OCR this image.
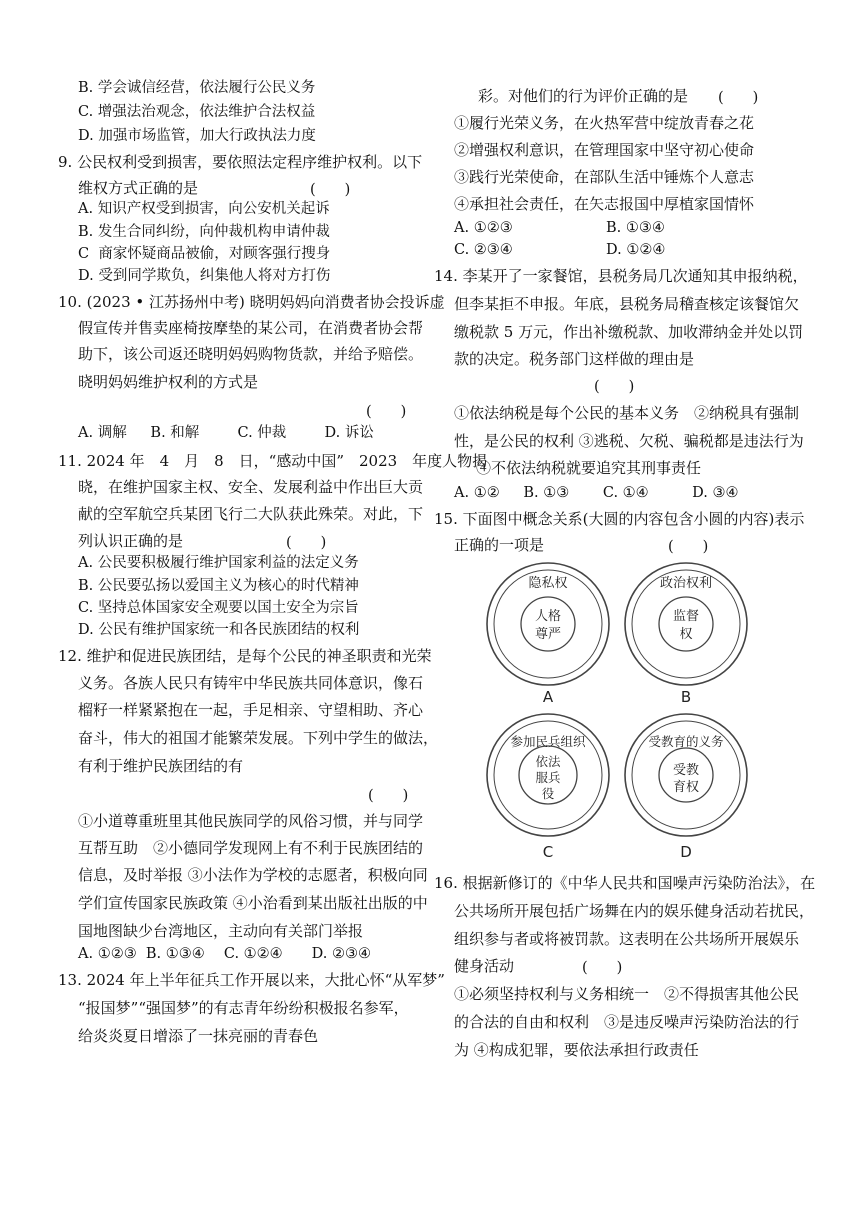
B. 学会诚信经营，依法履行公民义务
C. 增强法治观念，依法维护合法权益
D. 加强市场监管，加大行政执法力度
9. 公民权利受到损害，要依照法定程序维护权利。以下
维权方式正确的是	(　　)
A. 知识产权受到损害，向公安机关起诉
B. 发生合同纠纷，向仲裁机构申请仲裁
C  商家怀疑商品被偷，对顾客强行搜身
D. 受到同学欺负，纠集他人将对方打伤
10. (2023 • 江苏扬州中考) 晓明妈妈向消费者协会投诉虚
假宣传并售卖座椅按摩垫的某公司，在消费者协会帮
助下，该公司返还晓明妈妈购物货款，并给予赔偿。
晓明妈妈维护权利的方式是
(　　)
A. 调解　  B. 和解　　  C. 仲裁　　  D. 诉讼
11. 2024 年　4　月　8　日，“感动中国”　2023　年度人物揭
晓，在维护国家主权、安全、发展利益中作出巨大贡
献的空军航空兵某团飞行二大队获此殊荣。对此，下
列认识正确的是	(　　)
A. 公民要积极履行维护国家利益的法定义务
B. 公民要弘扬以爱国主义为核心的时代精神
C. 坚持总体国家安全观要以国土安全为宗旨
D. 公民有维护国家统一和各民族团结的权利
12. 维护和促进民族团结，是每个公民的神圣职责和光荣
义务。各族人民只有铸牢中华民族共同体意识，像石
榴籽一样紧紧抱在一起，手足相亲、守望相助、齐心
奋斗，伟大的祖国才能繁荣发展。下列中学生的做法，
有利于维护民族团结的有
(　　)
①小道尊重班里其他民族同学的风俗习惯，并与同学
互帮互助　②小德同学发现网上有不利于民族团结的
信息，及时举报 ③小法作为学校的志愿者，积极向同
学们宣传国家民族政策 ④小治看到某出版社出版的中
国地图缺少台湾地区，主动向有关部门举报
A. ①②③  B. ①③④　 C. ①②④　　D. ②③④
13. 2024 年上半年征兵工作开展以来，大批心怀“从军梦”
“报国梦”“强国梦”的有志青年纷纷积极报名参军，
给炎炎夏日增添了一抹亮丽的青春色
彩。对他们的行为评价正确的是 (　　)
①履行光荣义务，在火热军营中绽放青春之花
②增强权利意识，在管理国家中坚守初心使命
③践行光荣使命，在部队生活中锤炼个人意志
④承担社会责任，在矢志报国中厚植家国情怀
A. ①②③	B. ①③④
C. ②③④	D. ①②④
14. 李某开了一家餐馆，县税务局几次通知其申报纳税，
但李某拒不申报。年底，县税务局稽查核定该餐馆欠
缴税款 5 万元，作出补缴税款、加收滞纳金并处以罚
款的决定。税务部门这样做的理由是
(　　)
①依法纳税是每个公民的基本义务　②纳税具有强制
性，是公民的权利 ③逃税、欠税、骗税都是违法行为
④不依法纳税就要追究其刑事责任
A. ①②　  B. ①③　 　C. ①④　　　D. ③④
15. 下面图中概念关系(大圆的内容包含小圆的内容)表示
正确的一项是	(　　)
隐私权
人格
尊严
A
政治权利
监督
权
B
参加民兵组织
依法
服兵
役
C
受教育的义务
受教
育权
D
16. 根据新修订的《中华人民共和国噪声污染防治法》，在
公共场所开展包括广场舞在内的娱乐健身活动若扰民，
组织参与者或将被罚款。这表明在公共场所开展娱乐
健身活动	(　　)
①必须坚持权利与义务相统一　②不得损害其他公民
的合法的自由和权利　③是违反噪声污染防治法的行
为 ④构成犯罪，要依法承担行政责任
